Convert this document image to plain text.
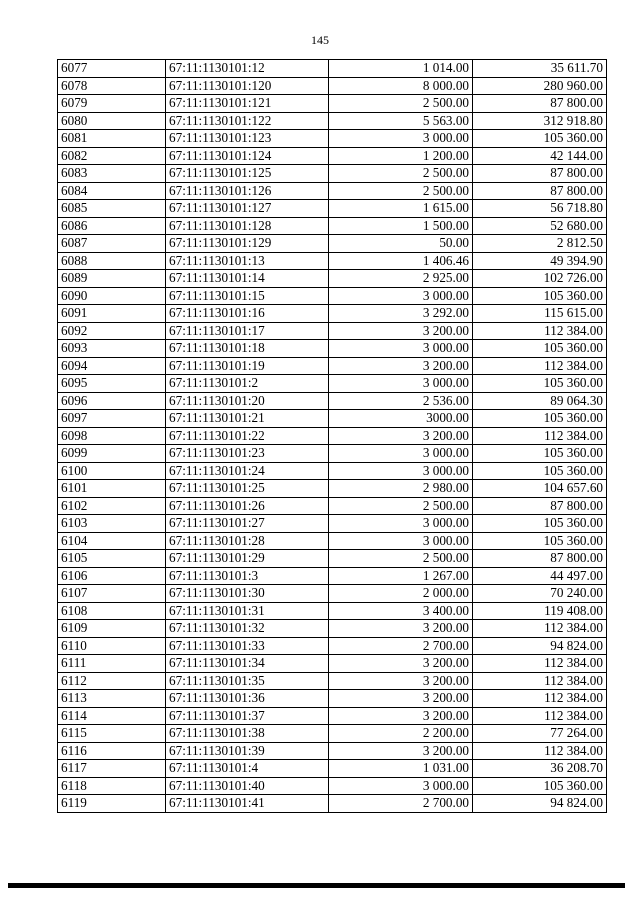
145
6077	67:11:1130101:12	1 014.00	35 611.70
6078	67:11:1130101:120	8 000.00	280 960.00
6079	67:11:1130101:121	2 500.00	87 800.00
6080	67:11:1130101:122	5 563.00	312 918.80
6081	67:11:1130101:123	3 000.00	105 360.00
6082	67:11:1130101:124	1 200.00	42 144.00
6083	67:11:1130101:125	2 500.00	87 800.00
6084	67:11:1130101:126	2 500.00	87 800.00
6085	67:11:1130101:127	1 615.00	56 718.80
6086	67:11:1130101:128	1 500.00	52 680.00
6087	67:11:1130101:129	50.00	2 812.50
6088	67:11:1130101:13	1 406.46	49 394.90
6089	67:11:1130101:14	2 925.00	102 726.00
6090	67:11:1130101:15	3 000.00	105 360.00
6091	67:11:1130101:16	3 292.00	115 615.00
6092	67:11:1130101:17	3 200.00	112 384.00
6093	67:11:1130101:18	3 000.00	105 360.00
6094	67:11:1130101:19	3 200.00	112 384.00
6095	67:11:1130101:2	3 000.00	105 360.00
6096	67:11:1130101:20	2 536.00	89 064.30
6097	67:11:1130101:21	3000.00	105 360.00
6098	67:11:1130101:22	3 200.00	112 384.00
6099	67:11:1130101:23	3 000.00	105 360.00
6100	67:11:1130101:24	3 000.00	105 360.00
6101	67:11:1130101:25	2 980.00	104 657.60
6102	67:11:1130101:26	2 500.00	87 800.00
6103	67:11:1130101:27	3 000.00	105 360.00
6104	67:11:1130101:28	3 000.00	105 360.00
6105	67:11:1130101:29	2 500.00	87 800.00
6106	67:11:1130101:3	1 267.00	44 497.00
6107	67:11:1130101:30	2 000.00	70 240.00
6108	67:11:1130101:31	3 400.00	119 408.00
6109	67:11:1130101:32	3 200.00	112 384.00
6110	67:11:1130101:33	2 700.00	94 824.00
6111	67:11:1130101:34	3 200.00	112 384.00
6112	67:11:1130101:35	3 200.00	112 384.00
6113	67:11:1130101:36	3 200.00	112 384.00
6114	67:11:1130101:37	3 200.00	112 384.00
6115	67:11:1130101:38	2 200.00	77 264.00
6116	67:11:1130101:39	3 200.00	112 384.00
6117	67:11:1130101:4	1 031.00	36 208.70
6118	67:11:1130101:40	3 000.00	105 360.00
6119	67:11:1130101:41	2 700.00	94 824.00
